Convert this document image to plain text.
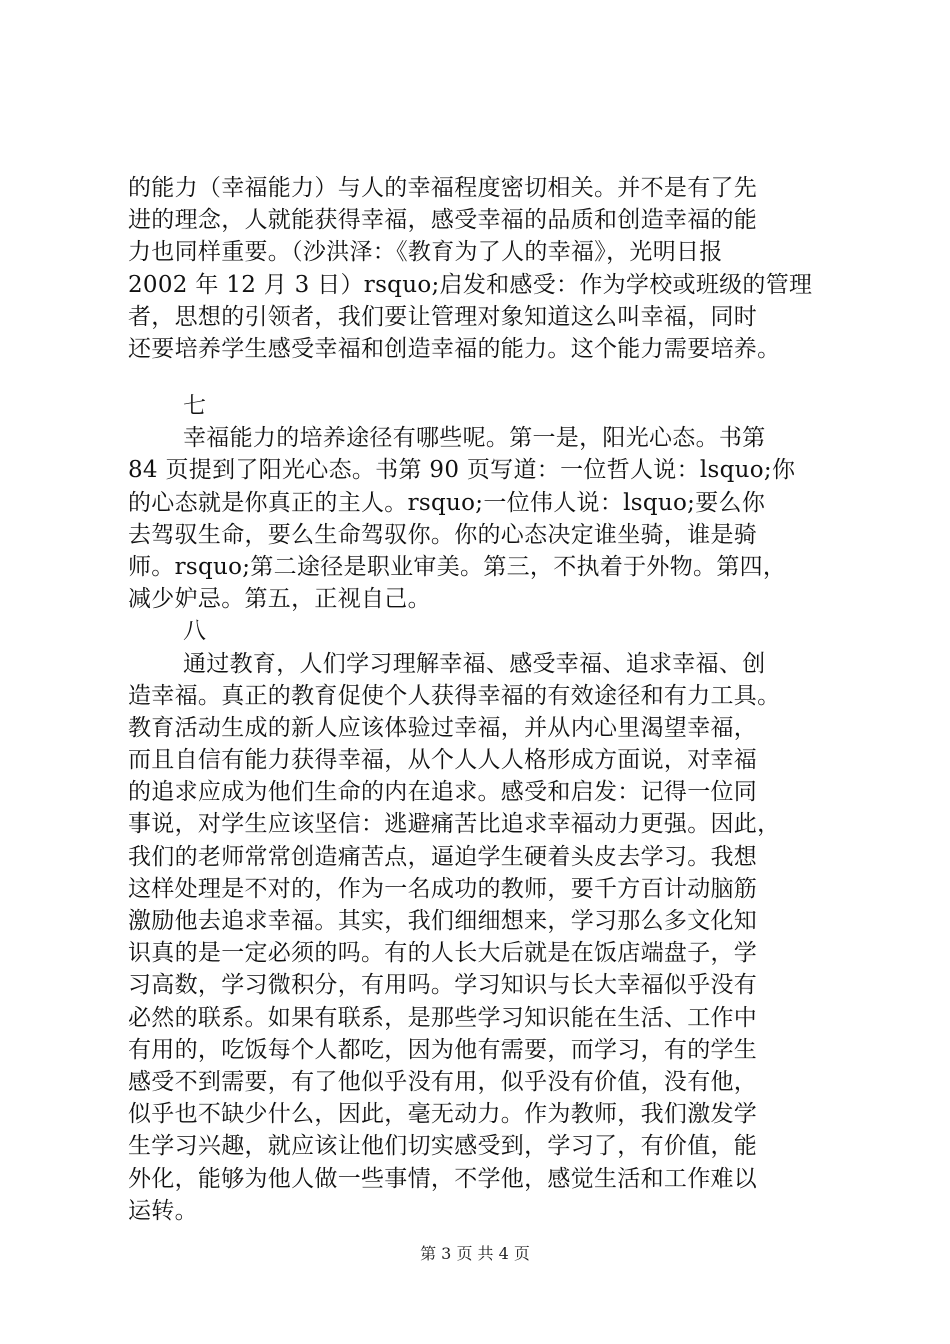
的能力（幸福能力）与人的幸福程度密切相关。并不是有了先
进的理念，人就能获得幸福，感受幸福的品质和创造幸福的能
力也同样重要。（沙洪泽：《教育为了人的幸福》，光明日报
2002 年 12 月 3 日）rsquo;启发和感受：作为学校或班级的管理
者，思想的引领者，我们要让管理对象知道这么叫幸福，同时
还要培养学生感受幸福和创造幸福的能力。这个能力需要培养。
七
幸福能力的培养途径有哪些呢。第一是，阳光心态。书第
84 页提到了阳光心态。书第 90 页写道：一位哲人说：lsquo;你
的心态就是你真正的主人。rsquo;一位伟人说：lsquo;要么你
去驾驭生命，要么生命驾驭你。你的心态决定谁坐骑，谁是骑
师。rsquo;第二途径是职业审美。第三，不执着于外物。第四，
减少妒忌。第五，正视自己。
八
通过教育，人们学习理解幸福、感受幸福、追求幸福、创
造幸福。真正的教育促使个人获得幸福的有效途径和有力工具。
教育活动生成的新人应该体验过幸福，并从内心里渴望幸福，
而且自信有能力获得幸福，从个人人人格形成方面说，对幸福
的追求应成为他们生命的内在追求。感受和启发：记得一位同
事说，对学生应该坚信：逃避痛苦比追求幸福动力更强。因此，
我们的老师常常创造痛苦点，逼迫学生硬着头皮去学习。我想
这样处理是不对的，作为一名成功的教师，要千方百计动脑筋
激励他去追求幸福。其实，我们细细想来，学习那么多文化知
识真的是一定必须的吗。有的人长大后就是在饭店端盘子，学
习高数，学习微积分，有用吗。学习知识与长大幸福似乎没有
必然的联系。如果有联系，是那些学习知识能在生活、工作中
有用的，吃饭每个人都吃，因为他有需要，而学习，有的学生
感受不到需要，有了他似乎没有用，似乎没有价值，没有他，
似乎也不缺少什么，因此，毫无动力。作为教师，我们激发学
生学习兴趣，就应该让他们切实感受到，学习了，有价值，能
外化，能够为他人做一些事情，不学他，感觉生活和工作难以
运转。
第 3 页 共 4 页
